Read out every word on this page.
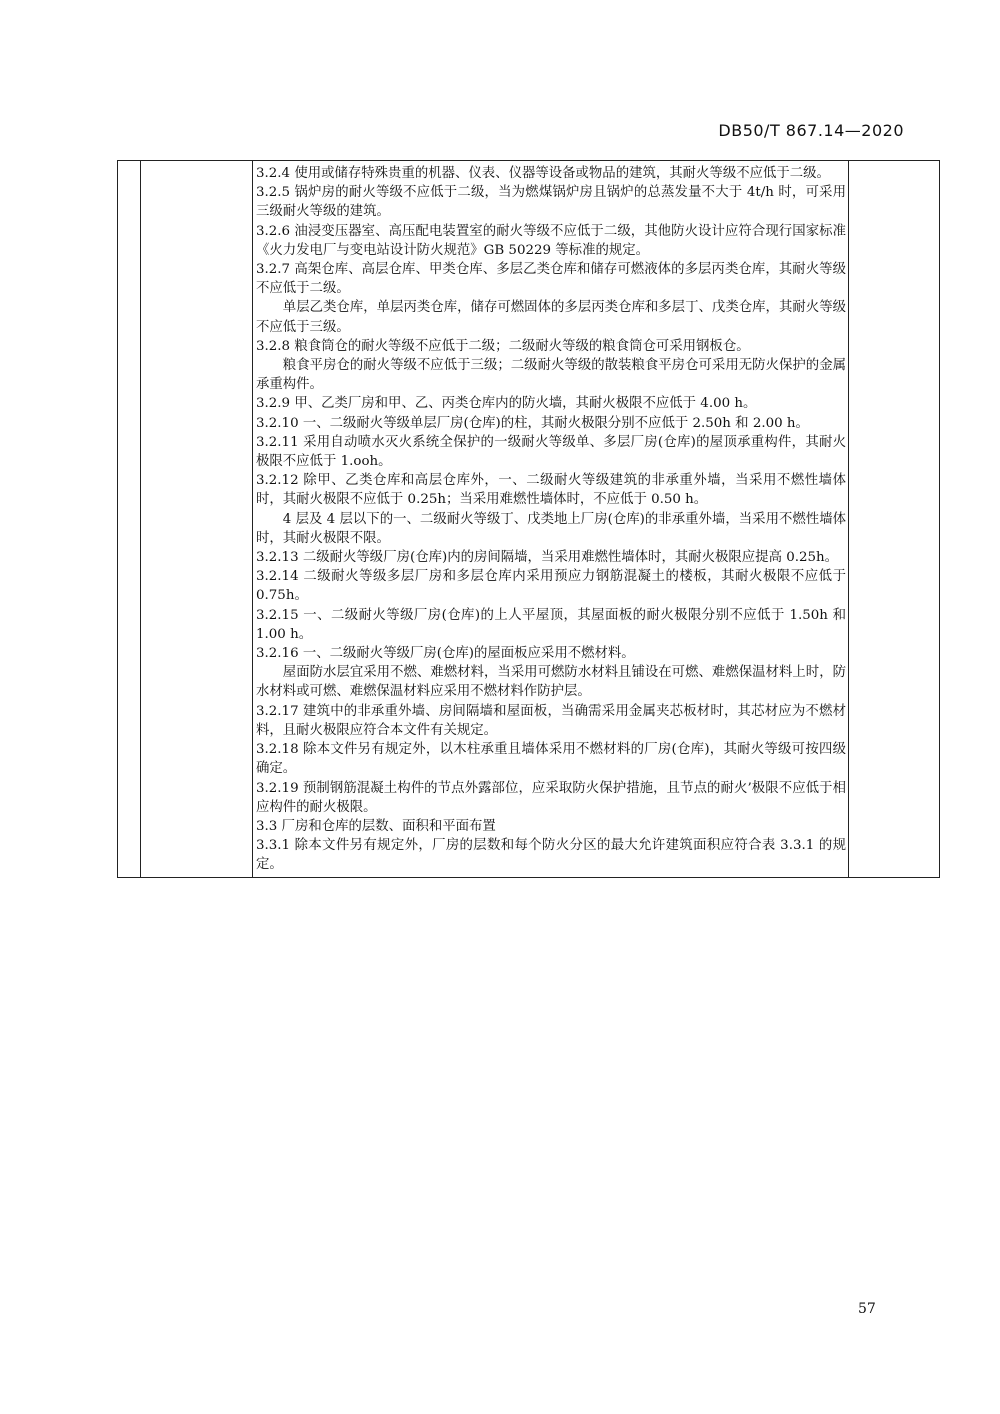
DB50/T 867.14—2020

3.2.4 使用或储存特殊贵重的机器、仪表、仪器等设备或物品的建筑，其耐火等级不应低于二级。

3.2.5 锅炉房的耐火等级不应低于二级，当为燃煤锅炉房且锅炉的总蒸发量不大于 4t/h 时，可采用三级耐火等级的建筑。

3.2.6 油浸变压器室、高压配电装置室的耐火等级不应低于二级，其他防火设计应符合现行国家标准《火力发电厂与变电站设计防火规范》GB 50229 等标准的规定。

3.2.7 高架仓库、高层仓库、甲类仓库、多层乙类仓库和储存可燃液体的多层丙类仓库，其耐火等级不应低于二级。

单层乙类仓库，单层丙类仓库，储存可燃固体的多层丙类仓库和多层丁、戊类仓库，其耐火等级不应低于三级。

3.2.8 粮食筒仓的耐火等级不应低于二级；二级耐火等级的粮食筒仓可采用钢板仓。

粮食平房仓的耐火等级不应低于三级；二级耐火等级的散装粮食平房仓可采用无防火保护的金属承重构件。

3.2.9 甲、乙类厂房和甲、乙、丙类仓库内的防火墙，其耐火极限不应低于 4.00 h。

3.2.10 一、二级耐火等级单层厂房(仓库)的柱，其耐火极限分别不应低于 2.50h 和 2.00 h。

3.2.11 采用自动喷水灭火系统全保护的一级耐火等级单、多层厂房(仓库)的屋顶承重构件，其耐火极限不应低于 1.ooh。

3.2.12 除甲、乙类仓库和高层仓库外，一、二级耐火等级建筑的非承重外墙，当采用不燃性墙体时，其耐火极限不应低于 0.25h；当采用难燃性墙体时，不应低于 0.50 h。

4 层及 4 层以下的一、二级耐火等级丁、戊类地上厂房(仓库)的非承重外墙，当采用不燃性墙体时，其耐火极限不限。

3.2.13 二级耐火等级厂房(仓库)内的房间隔墙，当采用难燃性墙体时，其耐火极限应提高 0.25h。

3.2.14 二级耐火等级多层厂房和多层仓库内采用预应力钢筋混凝土的楼板，其耐火极限不应低于 0.75h。

3.2.15 一、二级耐火等级厂房(仓库)的上人平屋顶，其屋面板的耐火极限分别不应低于 1.50h 和 1.00 h。

3.2.16 一、二级耐火等级厂房(仓库)的屋面板应采用不燃材料。

屋面防水层宜采用不燃、难燃材料，当采用可燃防水材料且铺设在可燃、难燃保温材料上时，防水材料或可燃、难燃保温材料应采用不燃材料作防护层。

3.2.17 建筑中的非承重外墙、房间隔墙和屋面板，当确需采用金属夹芯板材时，其芯材应为不燃材料，且耐火极限应符合本文件有关规定。

3.2.18 除本文件另有规定外，以木柱承重且墙体采用不燃材料的厂房(仓库)，其耐火等级可按四级确定。

3.2.19 预制钢筋混凝土构件的节点外露部位，应采取防火保护措施，且节点的耐火’极限不应低于相应构件的耐火极限。

3.3 厂房和仓库的层数、面积和平面布置

3.3.1 除本文件另有规定外，厂房的层数和每个防火分区的最大允许建筑面积应符合表 3.3.1 的规定。

57
